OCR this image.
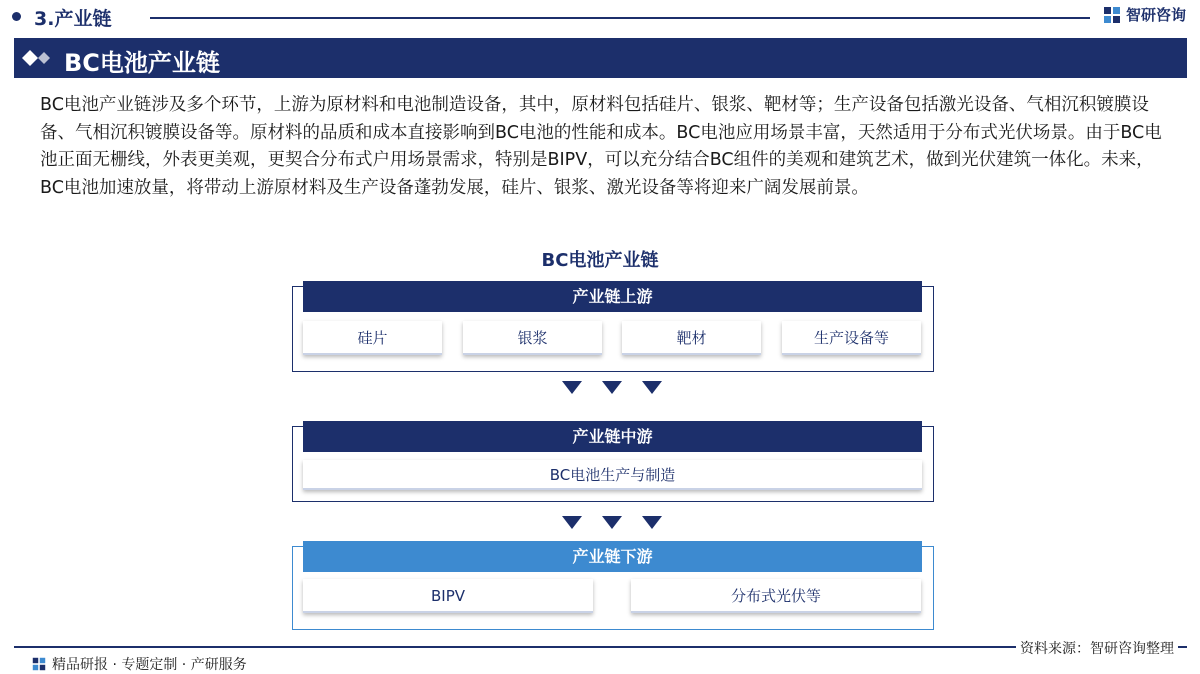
3.产业链	智研咨询
BC电池产业链
BC电池产业链涉及多个环节，上游为原材料和电池制造设备，其中，原材料包括硅片、银浆、靶材等；生产设备包括激光设备、气相沉积镀膜设备、气相沉积镀膜设备等。原材料的品质和成本直接影响到BC电池的性能和成本。BC电池应用场景丰富，天然适用于分布式光伏场景。由于BC电池正面无栅线，外表更美观，更契合分布式户用场景需求，特别是BIPV，可以充分结合BC组件的美观和建筑艺术，做到光伏建筑一体化。未来，BC电池加速放量，将带动上游原材料及生产设备蓬勃发展，硅片、银浆、激光设备等将迎来广阔发展前景。
BC电池产业链
产业链上游
硅片	银浆	靶材	生产设备等
产业链中游
BC电池生产与制造
产业链下游
BIPV	分布式光伏等
资料来源：智研咨询整理
精品研报 · 专题定制 · 产研服务
